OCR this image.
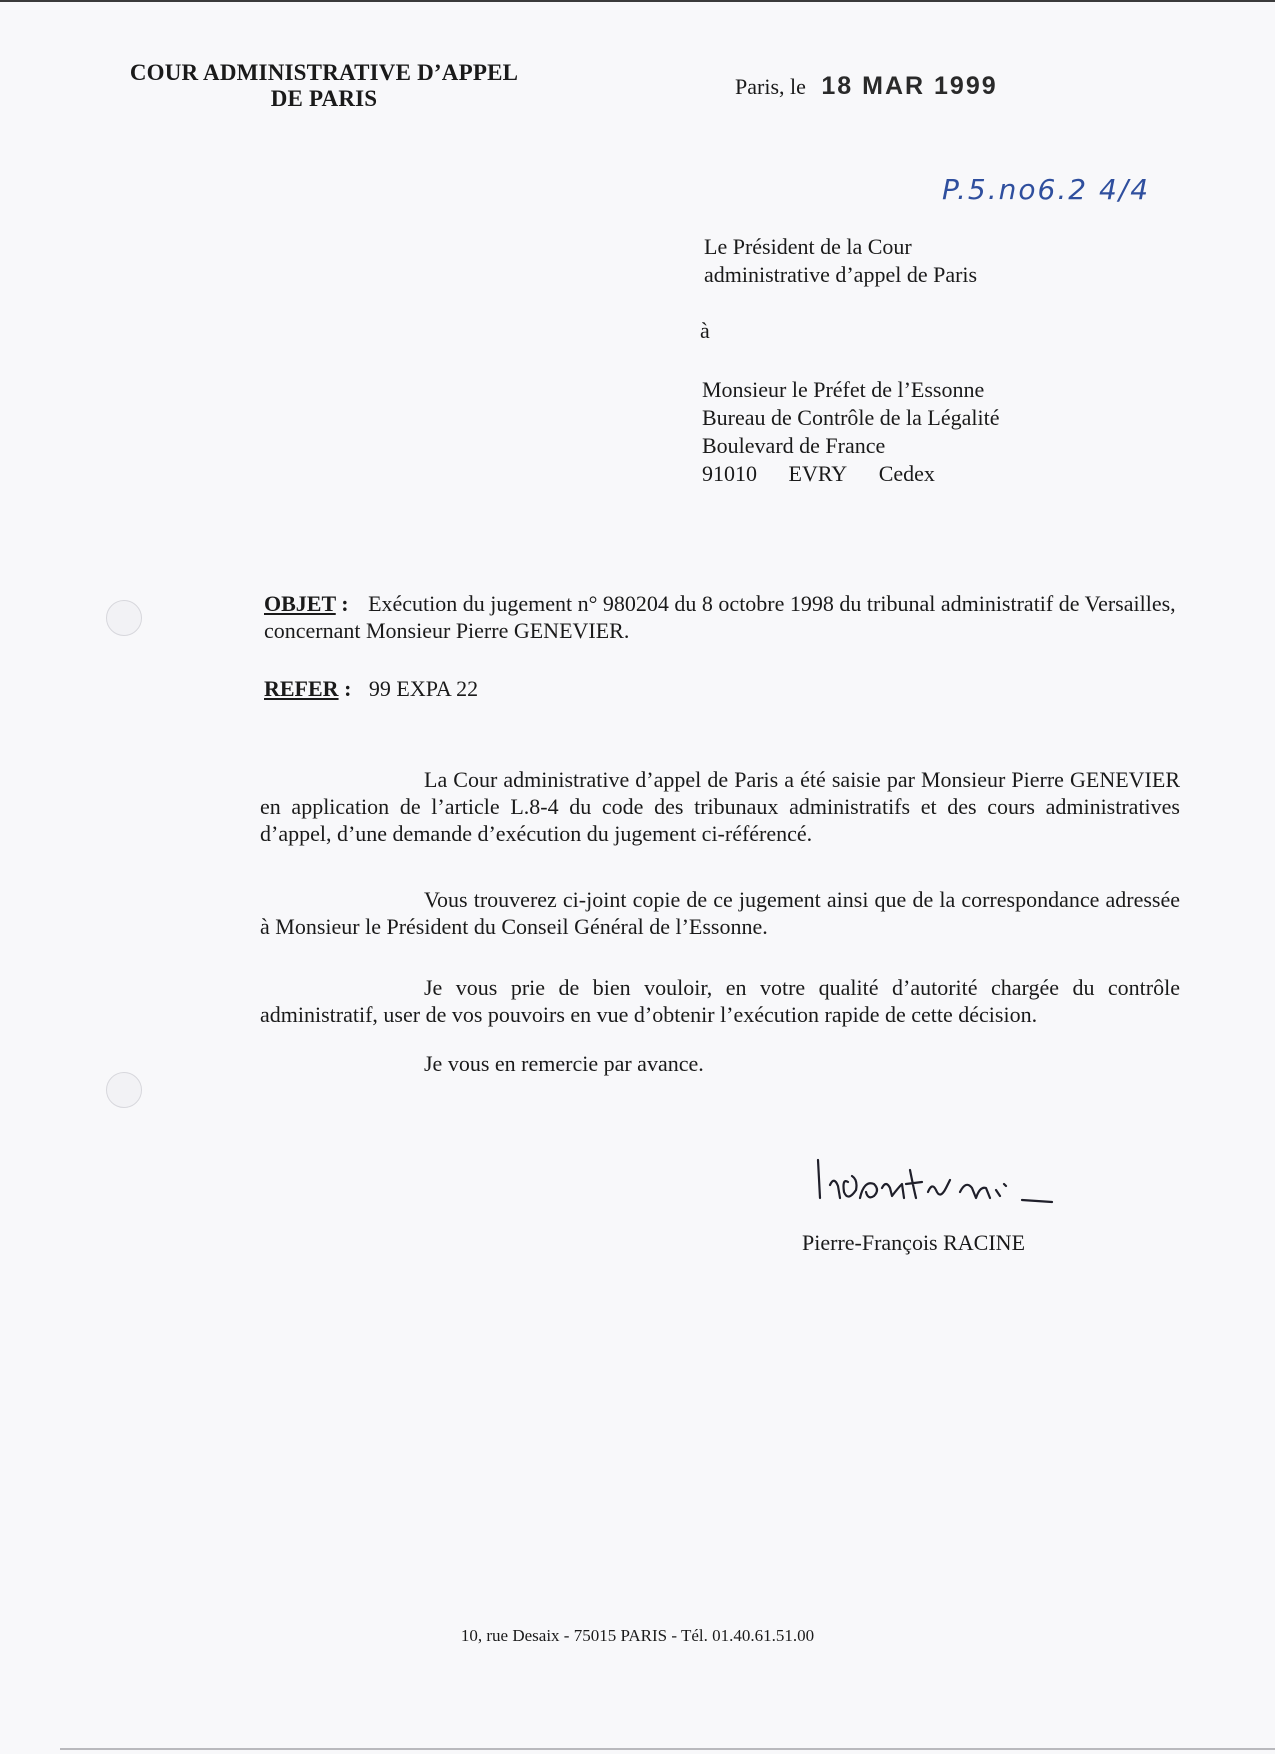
COUR ADMINISTRATIVE D’APPEL
DE PARIS	Paris, le 18 MAR 1999
P.5.no6.2 4/4
Le Président de la Cour
administrative d’appel de Paris
à
Monsieur le Préfet de l’Essonne
Bureau de Contrôle de la Légalité
Boulevard de France
91010 EVRY Cedex
OBJET : Exécution du jugement n° 980204 du 8 octobre 1998 du tribunal administratif de Versailles, concernant Monsieur Pierre GENEVIER.
REFER : 99 EXPA 22

La Cour administrative d’appel de Paris a été saisie par Monsieur Pierre GENEVIER en application de l’article L.8-4 du code des tribunaux administratifs et des cours administratives d’appel, d’une demande d’exécution du jugement ci-référencé.

Vous trouverez ci-joint copie de ce jugement ainsi que de la correspondance adressée à Monsieur le Président du Conseil Général de l’Essonne.

Je vous prie de bien vouloir, en votre qualité d’autorité chargée du contrôle administratif, user de vos pouvoirs en vue d’obtenir l’exécution rapide de cette décision.

Je vous en remercie par avance.

Pierre-François RACINE
10, rue Desaix - 75015 PARIS - Tél. 01.40.61.51.00
